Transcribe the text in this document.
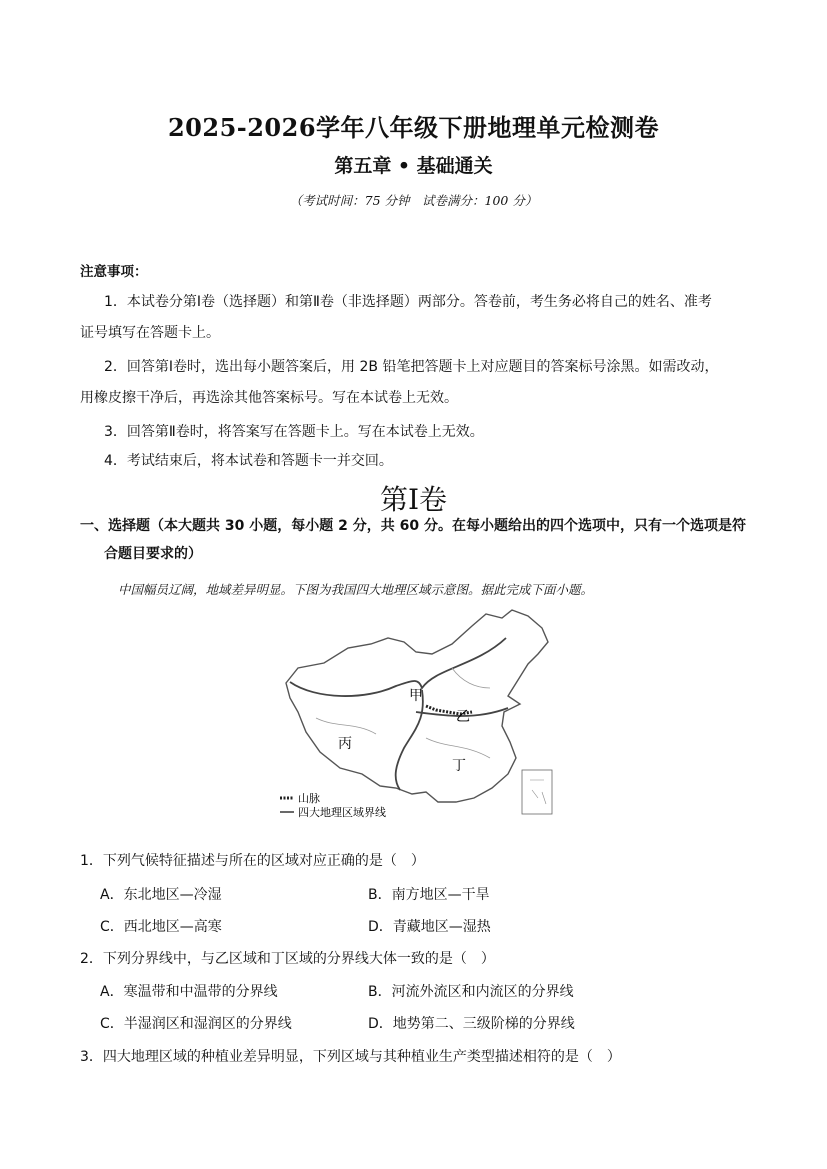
2025-2026学年八年级下册地理单元检测卷
第五章 • 基础通关
（考试时间：75 分钟　试卷满分：100 分）
注意事项：
1．本试卷分第Ⅰ卷（选择题）和第Ⅱ卷（非选择题）两部分。答卷前，考生务必将自己的姓名、准考
证号填写在答题卡上。
2．回答第Ⅰ卷时，选出每小题答案后，用 2B 铅笔把答题卡上对应题目的答案标号涂黑。如需改动，
用橡皮擦干净后，再选涂其他答案标号。写在本试卷上无效。
3．回答第Ⅱ卷时，将答案写在答题卡上。写在本试卷上无效。
4．考试结束后，将本试卷和答题卡一并交回。
第Ⅰ卷
一、选择题（本大题共 30 小题，每小题 2 分，共 60 分。在每小题给出的四个选项中，只有一个选项是符
合题目要求的）
中国幅员辽阔，地域差异明显。下图为我国四大地理区域示意图。据此完成下面小题。
甲
乙
丙
丁
山脉
四大地理区域界线
1．下列气候特征描述与所在的区域对应正确的是（　）
A．东北地区—冷湿	B．南方地区—干旱
C．西北地区—高寒	D．青藏地区—湿热
2．下列分界线中，与乙区域和丁区域的分界线大体一致的是（　）
A．寒温带和中温带的分界线	B．河流外流区和内流区的分界线
C．半湿润区和湿润区的分界线	D．地势第二、三级阶梯的分界线
3．四大地理区域的种植业差异明显，下列区域与其种植业生产类型描述相符的是（　）
